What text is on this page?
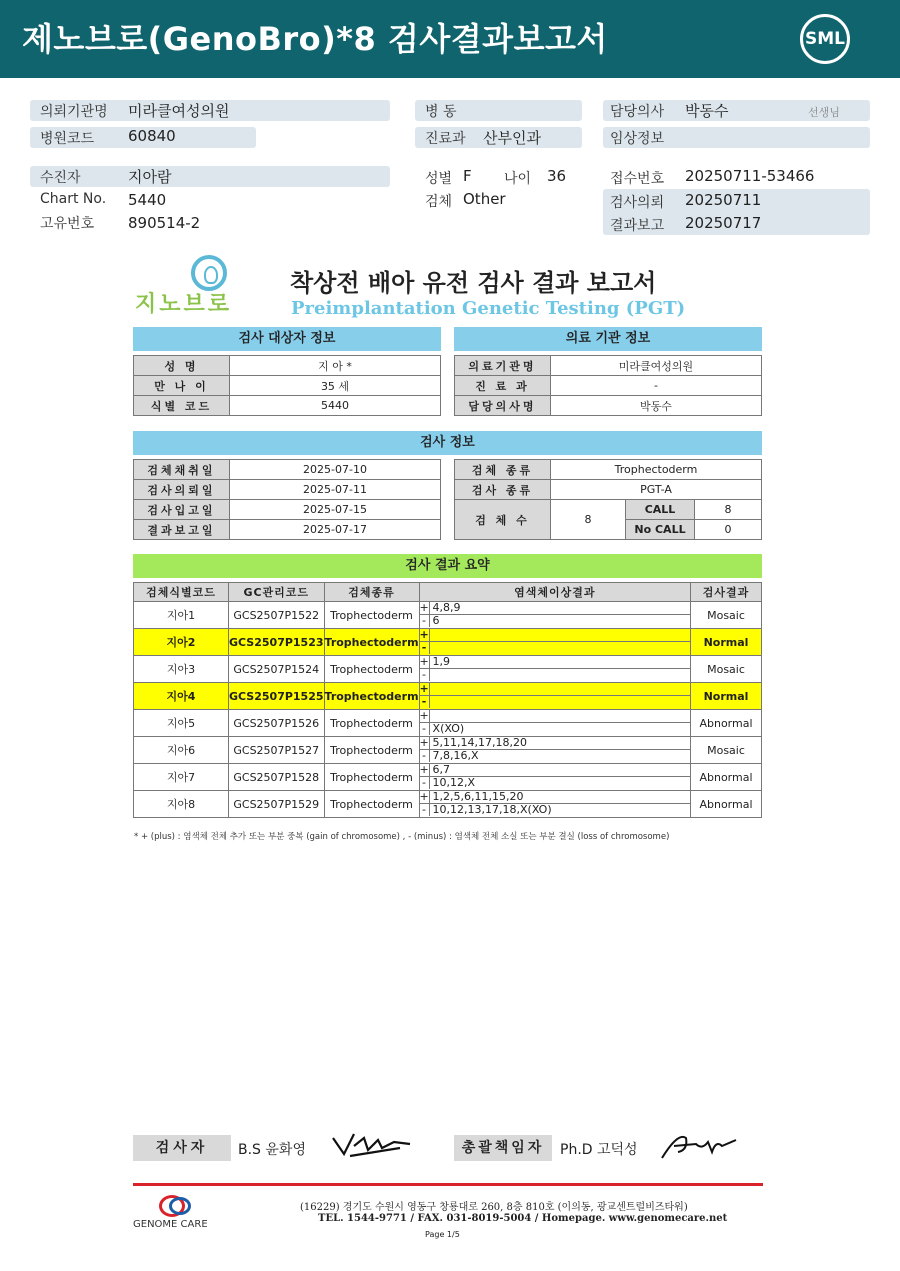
제노브로(GenoBro)*8 검사결과보고서	SML
의뢰기관명 미라클여성의원
병원코드 60840
병 동
진료과 산부인과
담당의사 박동수	선생님
임상정보
수진자	지아람
Chart No. 5440
고유번호 890514-2
성별 F 나이 36
검체 Other
접수번호 20250711-53466
검사의뢰 20250711
결과보고 20250717
지노브로
착상전 배아 유전 검사 결과 보고서
Preimplantation Genetic Testing (PGT)
검사 대상자 정보	의료 기관 정보
성 명	지 아 *
만 나 이	35 세
식별 코드	5440
의료기관명	미라클여성의원
진 료 과	-
담당의사명	박동수
검사 정보
검체채취일	2025-07-10
검사의뢰일	2025-07-11
검사입고일	2025-07-15
결과보고일	2025-07-17
검체 종류	Trophectoderm		
검사 종류	PGT-A		
검 체 수	8	CALL	8
		No CALL	0
검사 결과 요약
검체식별코드	GC관리코드	검체종류	염색체이상결과	검사결과
지아1	GCS2507P1522	Trophectoderm	+ 4,8,9
- 6	Mosaic
지아2	GCS2507P1523	Trophectoderm	+
-	Normal
지아3	GCS2507P1524	Trophectoderm	+ 1,9
-	Mosaic
지아4	GCS2507P1525	Trophectoderm	+
-	Normal
지아5	GCS2507P1526	Trophectoderm	+
- X(XO)	Abnormal
지아6	GCS2507P1527	Trophectoderm	+ 5,11,14,17,18,20
- 7,8,16,X	Mosaic
지아7	GCS2507P1528	Trophectoderm	+ 6,7
- 10,12,X	Abnormal
지아8	GCS2507P1529	Trophectoderm	+ 1,2,5,6,11,15,20
- 10,12,13,17,18,X(XO)	Abnormal
* + (plus) : 염색체 전체 추가 또는 부분 중복 (gain of chromosome) , - (minus) : 염색체 전체 소실 또는 부분 결실 (loss of chromosome)
검사자	B.S 윤화영	총괄책임자	Ph.D 고덕성
GENOME CARE
(16229) 경기도 수원시 영동구 창룡대로 260, 8층 810호 (이의동, 광교센트럴비즈타워)
TEL. 1544-9771 / FAX. 031-8019-5004 / Homepage. www.genomecare.net
Page 1/5
